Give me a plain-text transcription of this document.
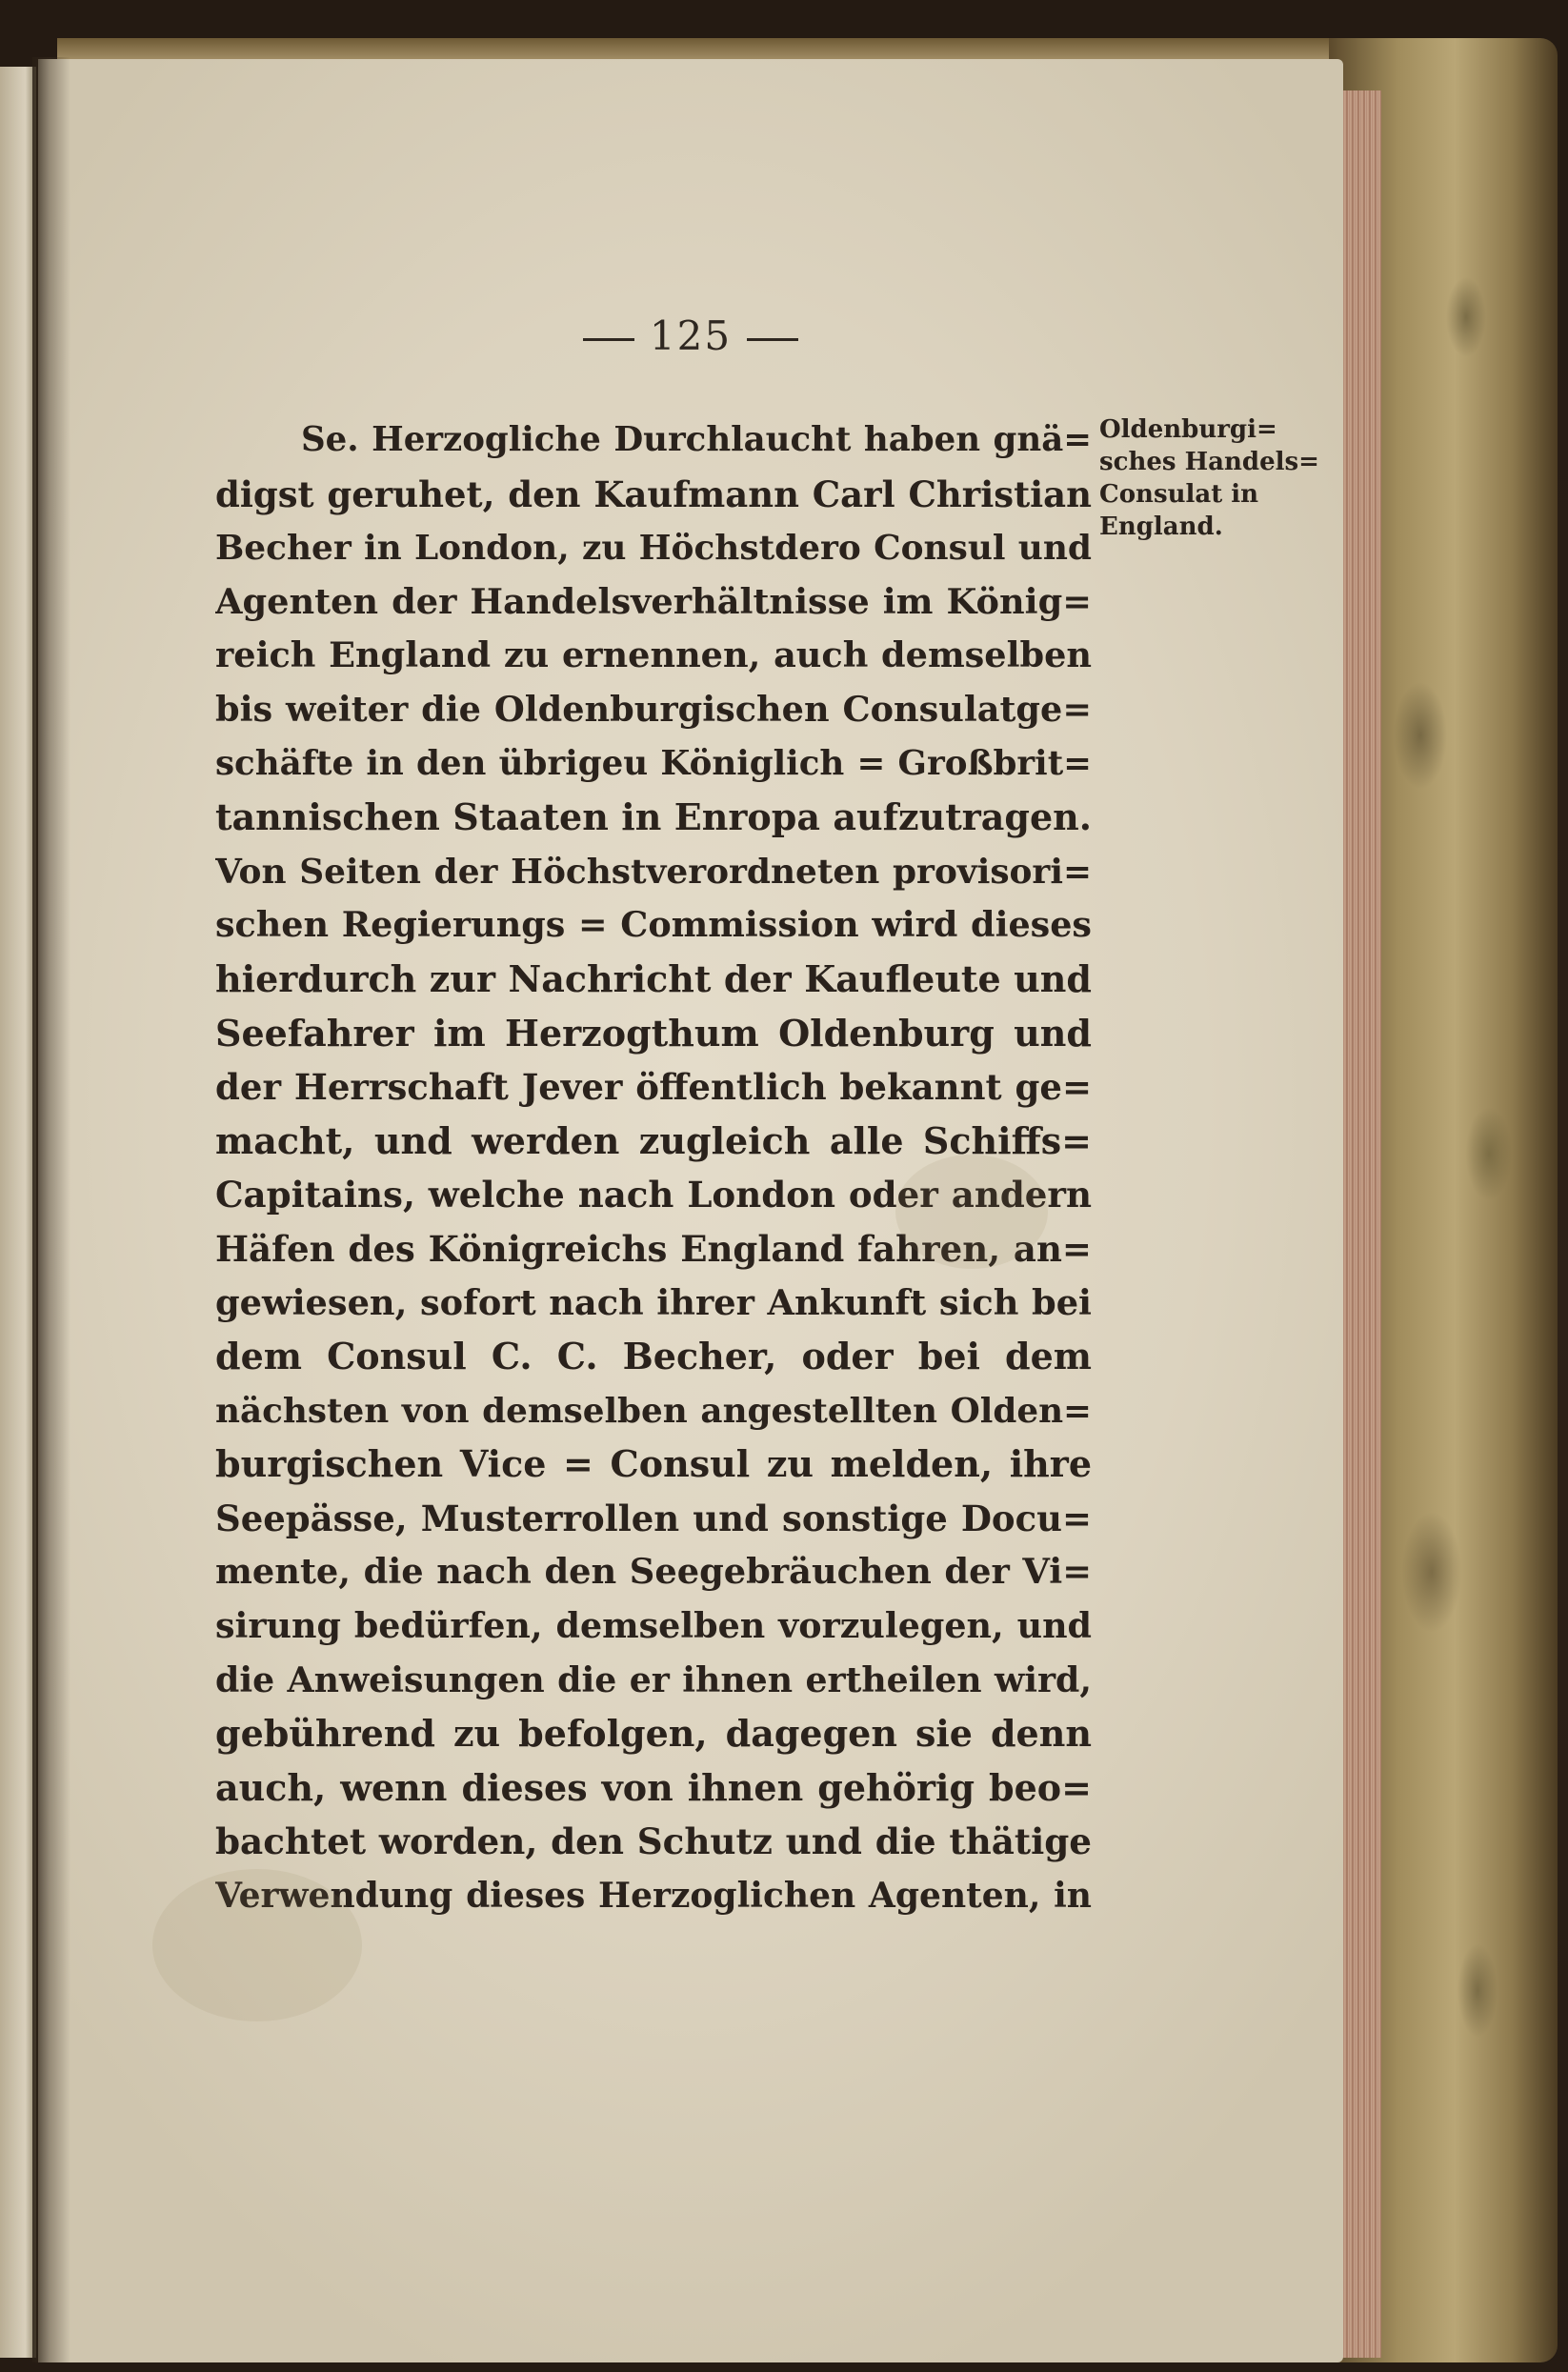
125
Se. Herzogliche Durchlaucht haben gnä=
digst geruhet, den Kaufmann Carl Christian
Becher in London, zu Höchstdero Consul und
Agenten der Handelsverhältnisse im König=
reich England zu ernennen, auch demselben
bis weiter die Oldenburgischen Consulatge=
schäfte in den übrigeu Königlich = Großbrit=
tannischen Staaten in Enropa aufzutragen.
Von Seiten der Höchstverordneten provisori=
schen Regierungs = Commission wird dieses
hierdurch zur Nachricht der Kaufleute und
Seefahrer im Herzogthum Oldenburg und
der Herrschaft Jever öffentlich bekannt ge=
macht, und werden zugleich alle Schiffs=
Capitains, welche nach London oder andern
Häfen des Königreichs England fahren, an=
gewiesen, sofort nach ihrer Ankunft sich bei
dem Consul C. C. Becher, oder bei dem
nächsten von demselben angestellten Olden=
burgischen Vice = Consul zu melden, ihre
Seepässe, Musterrollen und sonstige Docu=
mente, die nach den Seegebräuchen der Vi=
sirung bedürfen, demselben vorzulegen, und
die Anweisungen die er ihnen ertheilen wird,
gebührend zu befolgen, dagegen sie denn
auch, wenn dieses von ihnen gehörig beo=
bachtet worden, den Schutz und die thätige
Verwendung dieses Herzoglichen Agenten, in
Oldenburgi=
sches Handels=
Consulat in
England.
